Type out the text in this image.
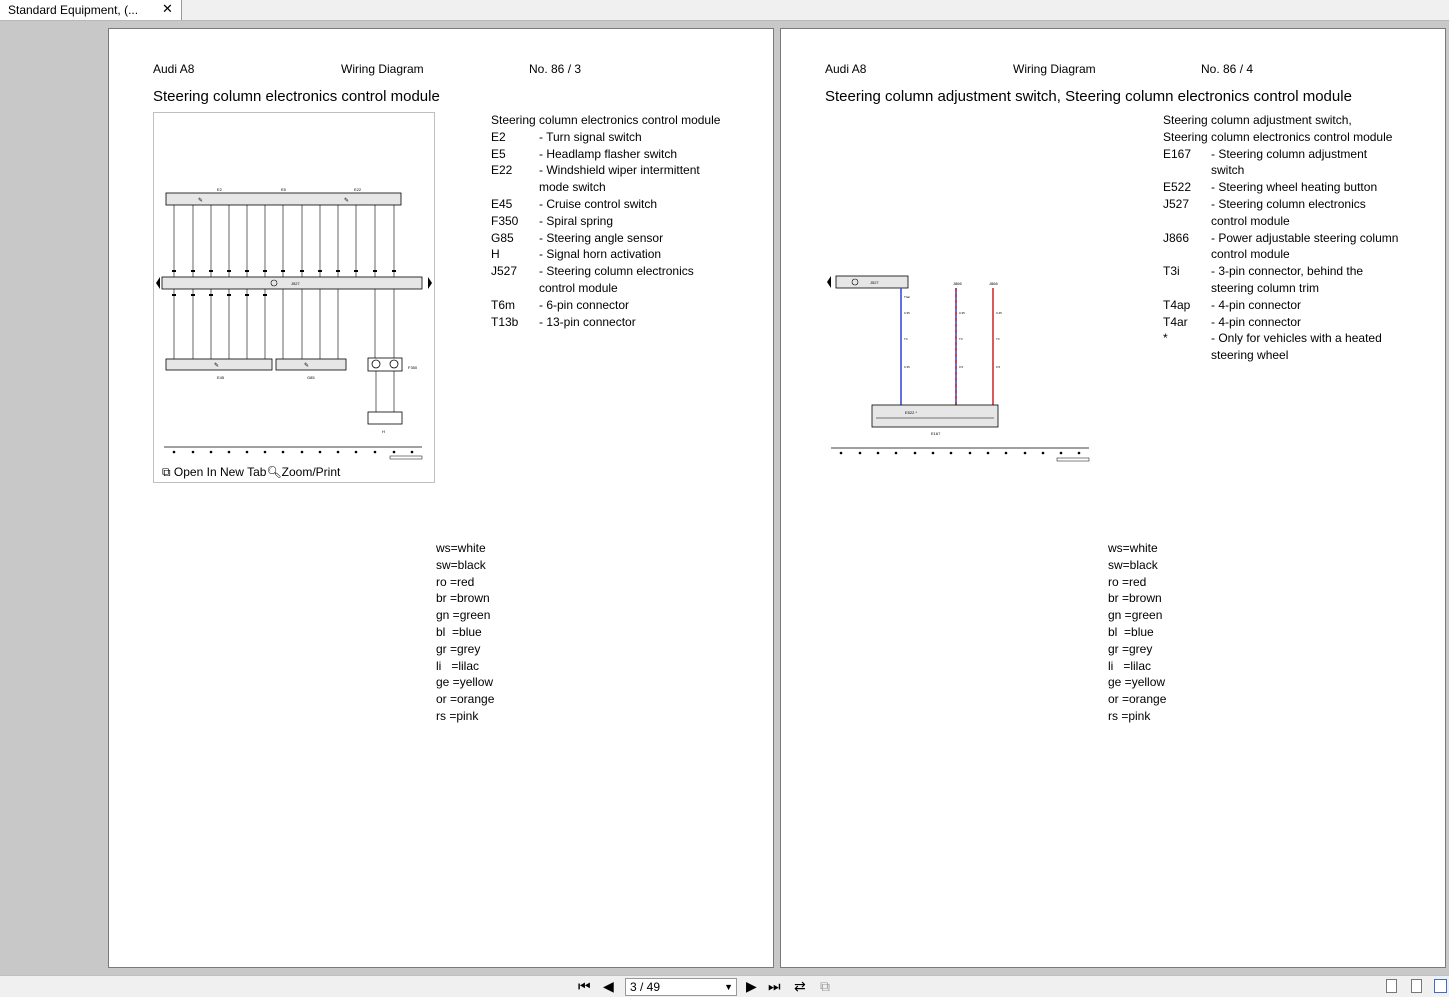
Standard Equipment, (... ✕
Audi A8	Wiring Diagram	No. 86 / 3
Steering column electronics control module
E2	E5	E22
✎	✎
J527
E45	G85
✎	✎	F350
H
⧉ Open In New Tab🔍︎Zoom/Print
Steering column electronics control module
E2	- Turn signal switch
E5	- Headlamp flasher switch
E22 - Windshield wiper intermittent mode switch
E45 - Cruise control switch
F350 - Spiral spring
G85 - Steering angle sensor
H	- Signal horn activation
J527 - Steering column electronics control module
T6m - 6-pin connector
T13b - 13-pin connector
ws=white
sw=black
ro =red
br =brown
gn =green
bl  =blue
gr =grey
li   =lilac
ge =yellow
or =orange
rs =pink
Audi A8	Wiring Diagram	No. 86 / 4
Steering column adjustment switch, Steering column electronics control module
J527	J866	J866
T4ar
0.35
T4
0.35
0.35
T3
0.5
0.35
T3
0.5
E522 *
E167
Steering column adjustment switch, Steering column electronics control module
E167 - Steering column adjustment switch
E522 - Steering wheel heating button
J527 - Steering column electronics control module
J866 - Power adjustable steering column control module
T3i	- 3-pin connector, behind the steering column trim
T4ap - 4-pin connector
T4ar - 4-pin connector
*	- Only for vehicles with a heated steering wheel
ws=white
sw=black
ro =red
br =brown
gn =green
bl  =blue
gr =grey
li   =lilac
ge =yellow
or =orange
rs =pink
⏮ ◀	3 / 49	▼ ▶ ⏭ ⇄ ⧉
